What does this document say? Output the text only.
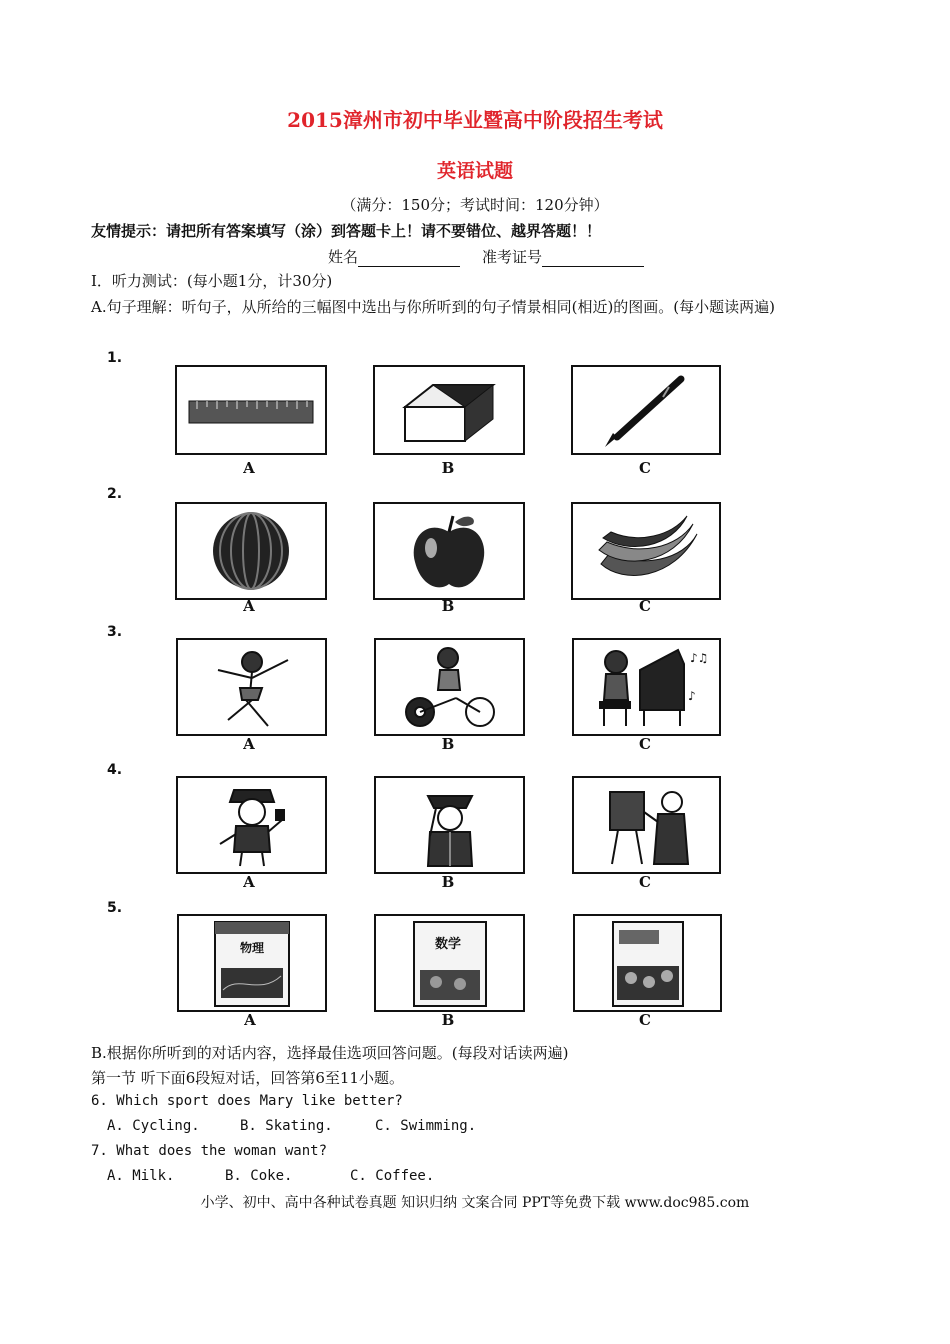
2015漳州市初中毕业暨高中阶段招生考试
英语试题
（满分：150分；考试时间：120分钟）
友情提示：请把所有答案填写（涂）到答题卡上！请不要错位、越界答题！！
姓名	准考证号
Ⅰ．听力测试：(每小题1分，计30分)
A.句子理解：听句子，从所给的三幅图中选出与你所听到的句子情景相同(相近)的图画。(每小题读两遍)
1.
A	B	C
2.
A	B	C
3.
A	B
♪♫
♪
C
4.
A	B	C
5.
物理
A
数学
B	C
B.根据你所听到的对话内容，选择最佳选项回答问题。(每段对话读两遍)
第一节 听下面6段短对话，回答第6至11小题。
6. Which sport does Mary like better?
A. Cycling.	B. Skating.	C. Swimming.
7. What does the woman want?
A. Milk.	B. Coke.	C. Coffee.
小学、初中、高中各种试卷真题 知识归纳 文案合同 PPT等免费下载 www.doc985.com
